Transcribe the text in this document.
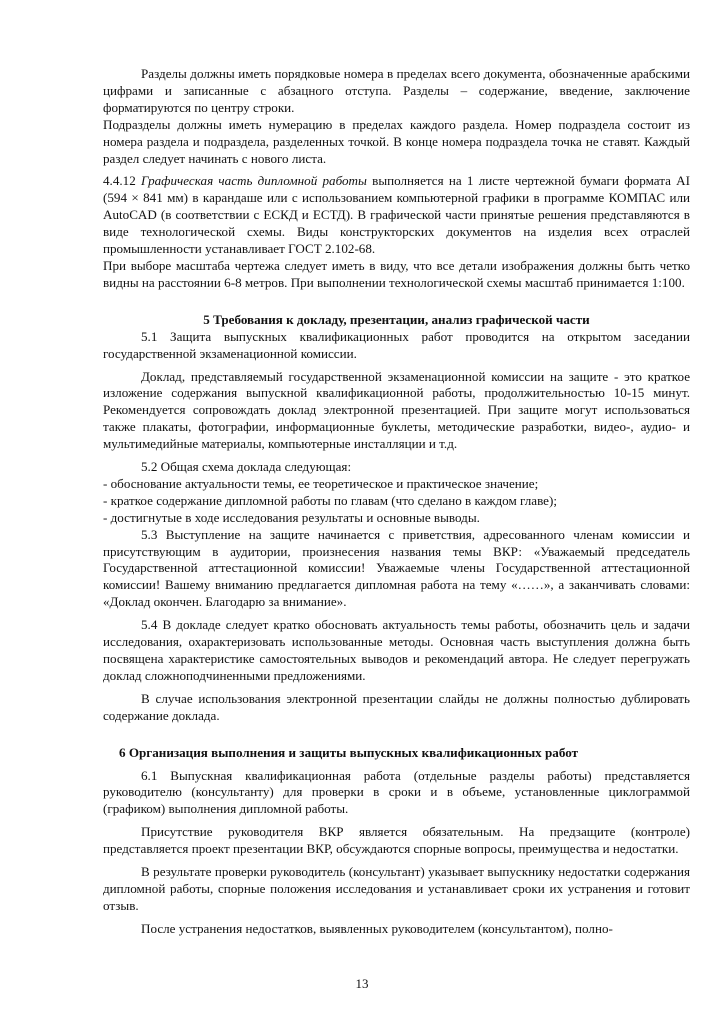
Разделы должны иметь порядковые номера в пределах всего документа, обозначенные арабскими цифрами и записанные с абзацного отступа. Разделы – содержание, введение, заключение форматируются по центру строки.

Подразделы должны иметь нумерацию в пределах каждого раздела. Номер подраздела состоит из номера раздела и подраздела, разделенных точкой. В конце номера подраздела точка не ставят. Каждый раздел следует начинать с нового листа.

4.4.12 Графическая часть дипломной работы выполняется на 1 листе чертежной бумаги формата AI (594 × 841 мм) в карандаше или с использованием компьютерной графики в программе КОМПАС или AutoCAD (в соответствии с ЕСКД и ЕСТД). В графической части принятые решения представляются в виде технологической схемы. Виды конструкторских документов на изделия всех отраслей промышленности устанавливает ГОСТ 2.102-68.

При выборе масштаба чертежа следует иметь в виду, что все детали изображения должны быть четко видны на расстоянии 6-8 метров. При выполнении технологической схемы масштаб принимается 1:100.

5 Требования к докладу, презентации, анализ графической части

5.1 Защита выпускных квалификационных работ проводится на открытом заседании государственной экзаменационной комиссии.

Доклад, представляемый государственной экзаменационной комиссии на защите - это краткое изложение содержания выпускной квалификационной работы, продолжительностью 10-15 минут. Рекомендуется сопровождать доклад электронной презентацией. При защите могут использоваться также плакаты, фотографии, информационные буклеты, методические разработки, видео-, аудио- и мультимедийные материалы, компьютерные инсталляции и т.д.

5.2 Общая схема доклада следующая:

- обоснование актуальности темы, ее теоретическое и практическое значение;

- краткое содержание дипломной работы по главам (что сделано в каждом главе);

- достигнутые в ходе исследования результаты и основные выводы.

5.3 Выступление на защите начинается с приветствия, адресованного членам комиссии и присутствующим в аудитории, произнесения названия темы ВКР: «Уважаемый председатель Государственной аттестационной комиссии! Уважаемые члены Государственной аттестационной комиссии! Вашему вниманию предлагается дипломная работа на тему «……», а заканчивать словами: «Доклад окончен. Благодарю за внимание».

5.4 В докладе следует кратко обосновать актуальность темы работы, обозначить цель и задачи исследования, охарактеризовать использованные методы. Основная часть выступления должна быть посвящена характеристике самостоятельных выводов и рекомендаций автора. Не следует перегружать доклад сложноподчиненными предложениями.

В случае использования электронной презентации слайды не должны полностью дублировать содержание доклада.

6 Организация выполнения и защиты выпускных квалификационных работ

6.1 Выпускная квалификационная работа (отдельные разделы работы) представляется руководителю (консультанту) для проверки в сроки и в объеме, установленные циклограммой (графиком) выполнения дипломной работы.

Присутствие руководителя ВКР является обязательным. На предзащите (контроле) представляется проект презентации ВКР, обсуждаются спорные вопросы, преимущества и недостатки.

В результате проверки руководитель (консультант) указывает выпускнику недостатки содержания дипломной работы, спорные положения исследования и устанавливает сроки их устранения и готовит отзыв.

После устранения недостатков, выявленных руководителем (консультантом), полно-

13
